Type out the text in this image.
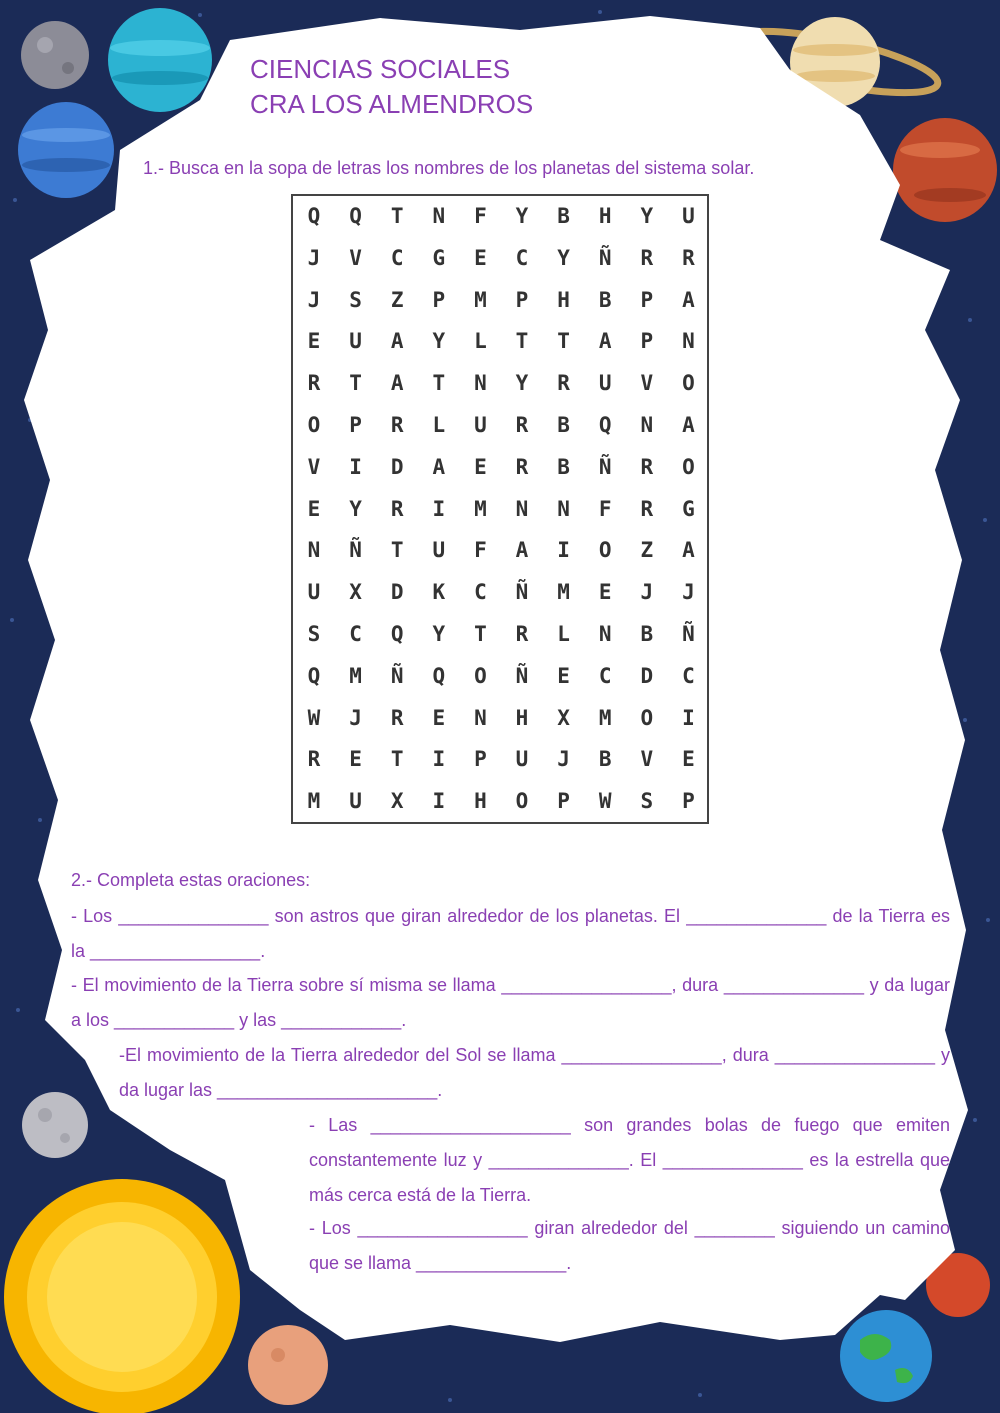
CIENCIAS SOCIALES
CRA LOS ALMENDROS
1.- Busca en la sopa de letras los nombres de los planetas del sistema solar.
Q	Q	T	N	F	Y	B	H	Y	U
J	V	C	G	E	C	Y	Ñ	R	R
J	S	Z	P	M	P	H	B	P	A
E	U	A	Y	L	T	T	A	P	N
R	T	A	T	N	Y	R	U	V	O
O	P	R	L	U	R	B	Q	N	A
V	I	D	A	E	R	B	Ñ	R	O
E	Y	R	I	M	N	N	F	R	G
N	Ñ	T	U	F	A	I	O	Z	A
U	X	D	K	C	Ñ	M	E	J	J
S	C	Q	Y	T	R	L	N	B	Ñ
Q	M	Ñ	Q	O	Ñ	E	C	D	C
W	J	R	E	N	H	X	M	O	I
R	E	T	I	P	U	J	B	V	E
M	U	X	I	H	O	P	W	S	P
2.- Completa estas oraciones:
- Los _______________ son astros que giran alrededor de los planetas. El ______________ de la Tierra es la _________________.
- El movimiento de la Tierra sobre sí misma se llama _________________, dura ______________ y da lugar a los ____________ y las ____________.
-El movimiento de la Tierra alrededor del Sol se llama ________________, dura ________________ y da lugar las ______________________.
- Las ____________________ son grandes bolas de fuego que emiten constantemente luz y ______________. El ______________ es la estrella que más cerca está de la Tierra.
- Los _________________ giran alrededor del ________ siguiendo un camino que se llama _______________.
